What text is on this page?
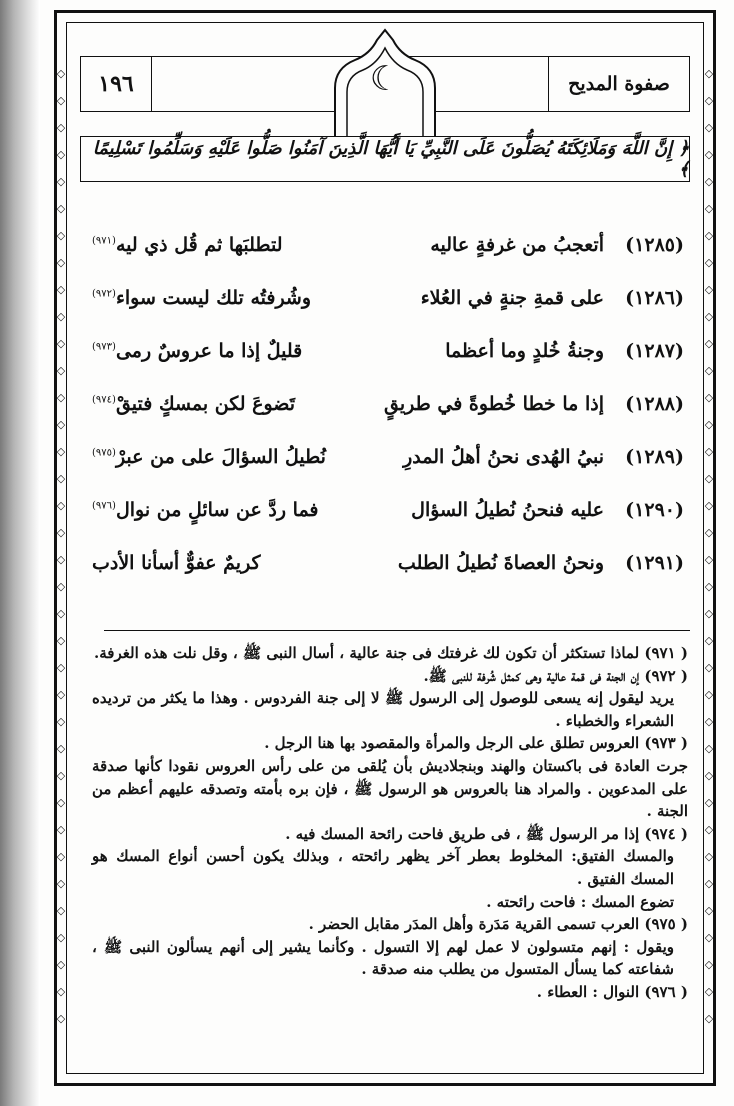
◇
◇
◇
◇
◇
◇
◇
◇
◇
◇
◇
◇
◇
◇
◇
◇
◇
◇
◇
◇
◇
◇
◇
◇
◇
◇
◇
◇
◇
◇
◇
◇
◇
◇
◇
◇
◇
◇
◇
◇
◇
◇
◇
◇
◇
◇
◇
◇
◇
◇
◇
◇
◇
◇
◇
◇
◇
◇
◇
◇
◇
◇
◇
◇
◇
◇
◇
◇
◇
◇
◇
◇
١٩٦	صفوة المديح
☾
﴿ إِنَّ اللَّهَ وَمَلَائِكَتَهُ يُصَلُّونَ عَلَى النَّبِيِّ يَا أَيُّهَا الَّذِينَ آمَنُوا صَلُّوا عَلَيْهِ وَسَلِّمُوا تَسْلِيمًا ﴾
(١٢٨٥)
أتعجبُ من غرفةٍ عاليه
لتطلبَها ثم قُل ذي ليه$^{(٩٧١)}$
(١٢٨٦)
على قمةِ جنةٍ في العُلاء
وشُرفتُه تلك ليست سواء$^{(٩٧٢)}$
(١٢٨٧)
وجنةُ خُلدٍ وما أعظما
قليلٌ إذا ما عروسٌ رمى$^{(٩٧٣)}$
(١٢٨٨)
إذا ما خطا خُطوةً في طريقٍ
تَضوعَ لكن بمسكٍ فتيقْ$^{(٩٧٤)}$
(١٢٨٩)
نبيُ الهُدى نحنُ أهلُ المدرِ
نُطيلُ السؤالَ على من عبرْ$^{(٩٧٥)}$
(١٢٩٠)
عليه فنحنُ نُطيلُ السؤال
فما ردَّ عن سائلٍ من نوال$^{(٩٧٦)}$
(١٢٩١)
ونحنُ العصاةَ نُطيلُ الطلب
كريمٌ عفوٌّ أسأنا الأدب

( ٩٧١) لماذا تستكثر أن تكون لك غرفتك فى جنة عالية ، أسال النبى ﷺ ، وقل نلت هذه الغرفة.

( ٩٧٢) إن الجنة فى قمة عالية وهى كمثل شُرفة للنبى ﷺ.

يريد ليقول إنه يسعى للوصول إلى الرسول ﷺ لا إلى جنة الفردوس . وهذا ما يكثر من ترديده الشعراء والخطباء .

( ٩٧٣) العروس تطلق على الرجل والمرأة والمقصود بها هنا الرجل .

جرت العادة فى باكستان والهند وبنجلاديش بأن يُلقى من على رأس العروس نقودا كأنها صدقة على المدعوين . والمراد هنا بالعروس هو الرسول ﷺ ، فإن بره بأمته وتصدقه عليهم أعظم من الجنة .

( ٩٧٤) إذا مر الرسول ﷺ ، فى طريق فاحت رائحة المسك فيه .

والمسك الفتيق: المخلوط بعطر آخر يظهر رائحته ، وبذلك يكون أحسن أنواع المسك هو المسك الفتيق .

تضوع المسك : فاحت رائحته .

( ٩٧٥) العرب تسمى القرية مَدَرة وأهل المدَر مقابل الحضر .

ويقول : إنهم متسولون لا عمل لهم إلا التسول . وكأنما يشير إلى أنهم يسألون النبى ﷺ ، شفاعته كما يسأل المتسول من يطلب منه صدقة .

( ٩٧٦) النوال : العطاء .
